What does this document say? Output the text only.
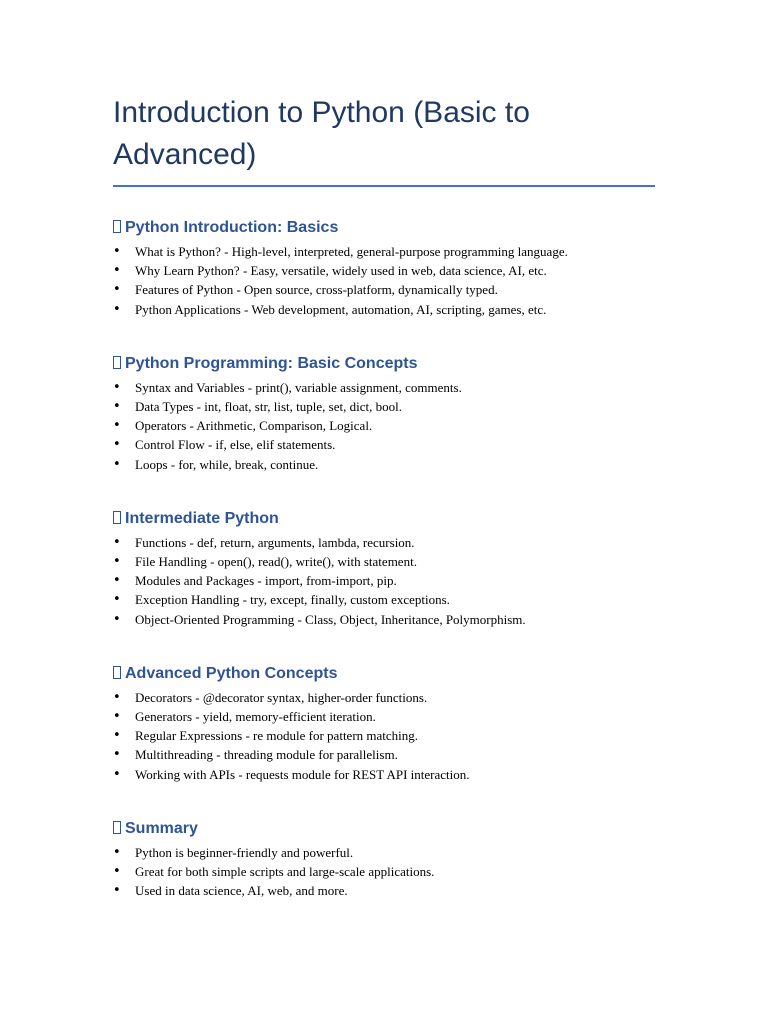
Introduction to Python (Basic to Advanced)
Python Introduction: Basics
• What is Python? - High-level, interpreted, general-purpose programming language.
• Why Learn Python? - Easy, versatile, widely used in web, data science, AI, etc.
• Features of Python - Open source, cross-platform, dynamically typed.
• Python Applications - Web development, automation, AI, scripting, games, etc.
Python Programming: Basic Concepts
• Syntax and Variables - print(), variable assignment, comments.
• Data Types - int, float, str, list, tuple, set, dict, bool.
• Operators - Arithmetic, Comparison, Logical.
• Control Flow - if, else, elif statements.
• Loops - for, while, break, continue.
Intermediate Python
• Functions - def, return, arguments, lambda, recursion.
• File Handling - open(), read(), write(), with statement.
• Modules and Packages - import, from-import, pip.
• Exception Handling - try, except, finally, custom exceptions.
• Object-Oriented Programming - Class, Object, Inheritance, Polymorphism.
Advanced Python Concepts
• Decorators - @decorator syntax, higher-order functions.
• Generators - yield, memory-efficient iteration.
• Regular Expressions - re module for pattern matching.
• Multithreading - threading module for parallelism.
• Working with APIs - requests module for REST API interaction.
Summary
• Python is beginner-friendly and powerful.
• Great for both simple scripts and large-scale applications.
• Used in data science, AI, web, and more.
